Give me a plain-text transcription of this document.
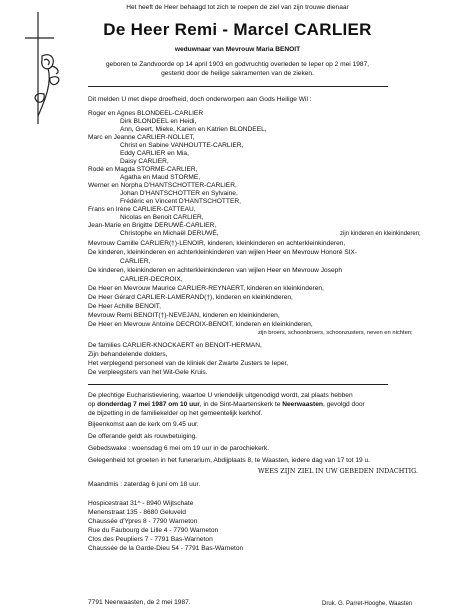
Het heeft de Heer behaagd tot zich te roepen de ziel van zijn trouwe dienaar
De Heer Remi - Marcel CARLIER
weduwnaar van Mevrouw Maria BENOIT
geboren te Zandvoorde op 14 april 1903 en godvruchtig overleden te Ieper op 2 mei 1987,
gesterkt door de heilige sakramenten van de zieken.
Dit melden U met diepe droefheid, doch onderworpen aan Gods Heilige Wil :
Roger en Agnes BLONDEEL-CARLIER
Dirk BLONDEEL en Heidi,
Ann, Geert, Mieke, Karien en Katrien BLONDEEL,
Marc en Jeanne CARLIER-NOLLET,
Christ en Sabine VANHOUTTE-CARLIER,
Eddy CARLIER en Mia,
Daisy CARLIER,
Rodé en Magda STORME-CARLIER,
Agatha en Maud STORME,
Werner en Norpha D'HANTSCHOTTER-CARLIER,
Johan D'HANTSCHOTTER en Sylvaine,
Frédéric en Vincent D'HANTSCHOTTER,
Frans en Irène CARLIER-CATTEAU,
Nicolas en Benoit CARLIER,
Jean-Marie en Brigitte DERUWÉ-CARLIER,
Christophe en Michaël DERUWÉ,	zijn kinderen en kleinkinderen;
Mevrouw Camille CARLIER(†)-LENOIR, kinderen, kleinkinderen en achterkleinkinderen,
De kinderen, kleinkinderen en achterkleinkinderen van wijlen Heer en Mevrouw Honoré SIX-
CARLIER,
De kinderen, kleinkinderen en achterkleinkinderen van wijlen Heer en Mevrouw Joseph
CARLIER-DECROIX,
De Heer en Mevrouw Maurice CARLIER-REYNAERT, kinderen en kleinkinderen,
De Heer Gérard CARLIER-LAMERAND(†), kinderen en kleinkinderen,
De Heer Achille BENOIT,
Mevrouw Remi BENOIT(†)-NEVEJAN, kinderen en kleinkinderen,
De Heer en Mevrouw Antoine DECROIX-BENOIT, kinderen en kleinkinderen,
zijn broers, schoonbroers, schoonzusters, neven en nichten;
De families CARLIER-KNOCKAERT en BENOIT-HERMAN,
Zijn behandelende dokters,
Het verplegend personeel van de kliniek der Zwarte Zusters te Ieper,
De verpleegsters van het Wit-Gele Kruis.
De plechtige Eucharistieviering, waartoe U vriendelijk uitgenodigd wordt, zal plaats hebben
op donderdag 7 mei 1987 om 10 uur, in de Sint-Maartenskerk te Neerwaasten, gevolgd door
de bijzetting in de familiekelder op het gemeentelijk kerkhof.
Bijeenkomst aan de kerk om 9.45 uur.
De offerande geldt als rouwbetuiging.
Gebedswake : woensdag 6 mei om 19 uur in de parochiekerk.
Gelegenheid tot groeten in het funerarium, Abdijplaats 8, te Waasten, iedere dag van 17 tot 19 u.
WEES ZIJN ZIEL IN UW GEBEDEN INDACHTIG.
Maandmis : zaterdag 6 juni om 18 uur.
Hospicestraat 31^ - 8940 Wijtschate
Menenstraat 135 - 8680 Geluveld
Chaussée d'Ypres 8 - 7790 Warneton
Rue du Faubourg de Lille 4 - 7790 Warneton
Clos des Peupliers 7 - 7791 Bas-Warneton
Chaussée de la Garde-Dieu 54 - 7791 Bas-Warneton
7791 Neerwaasten, de 2 mei 1987.	Druk. G. Parret-Hooghe, Waasten
